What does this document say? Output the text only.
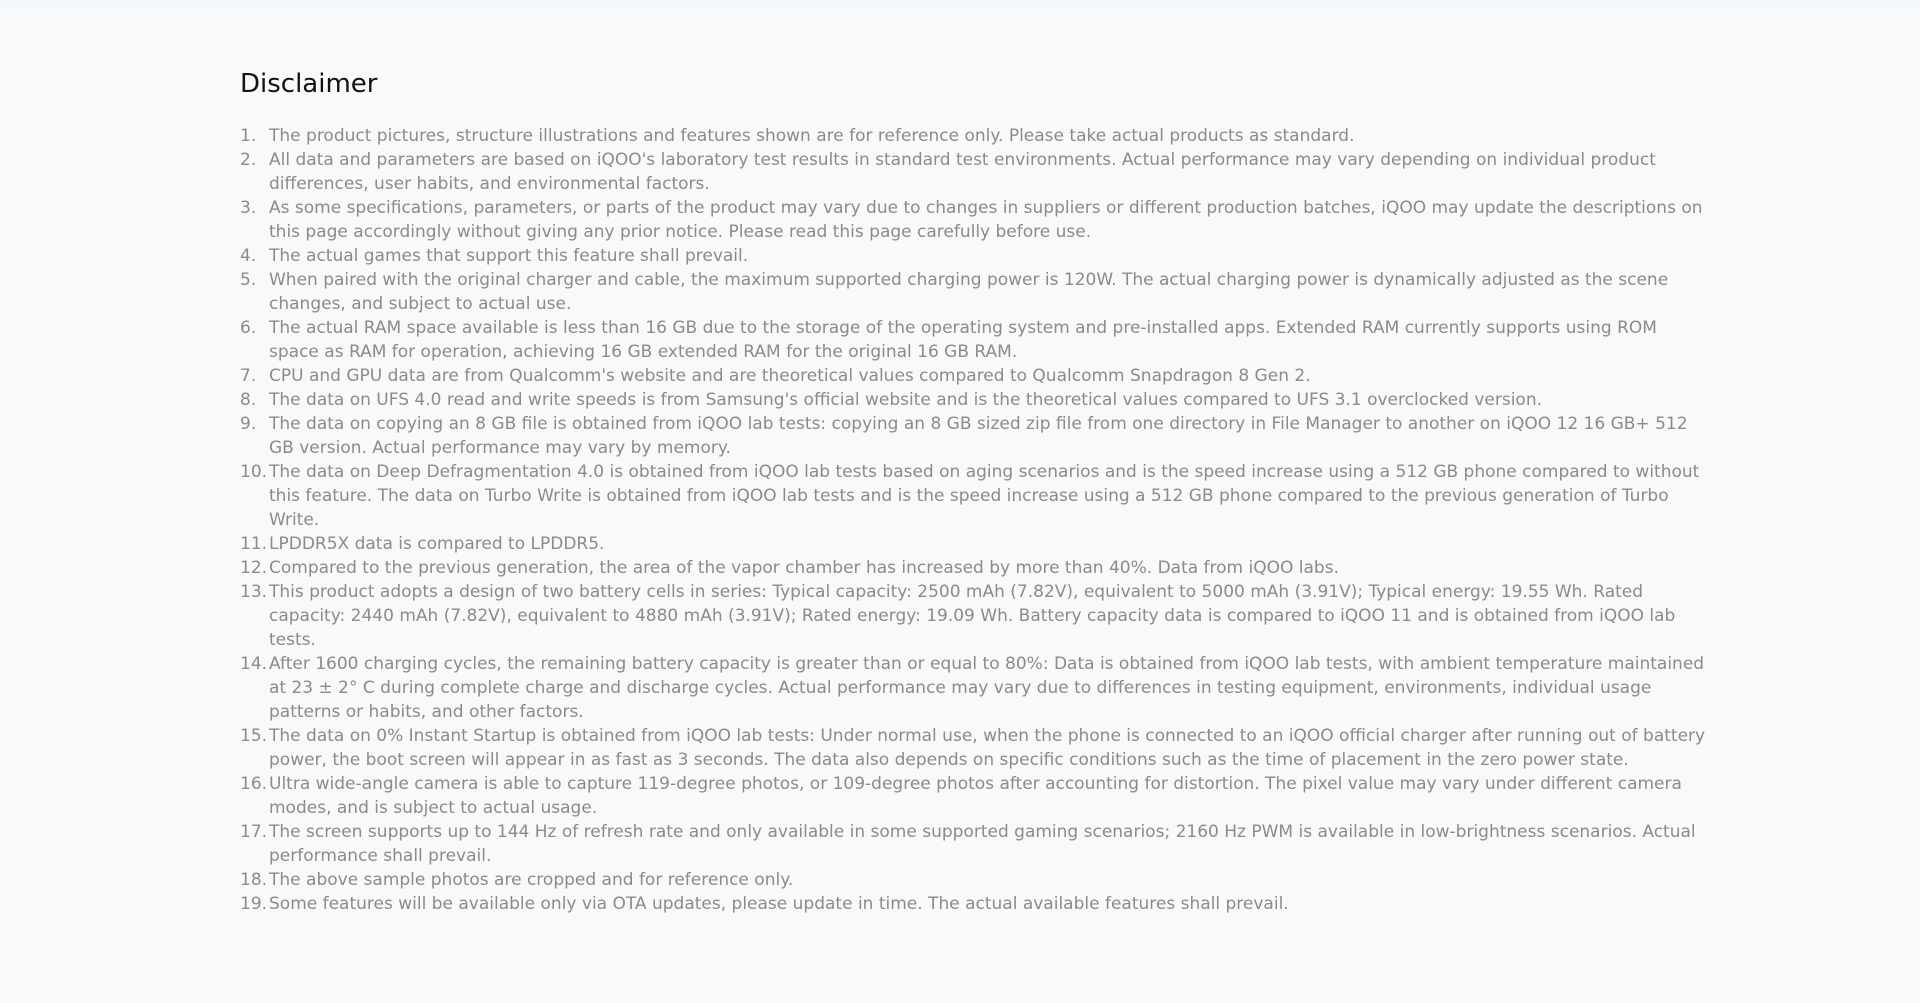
Disclaimer
1. The product pictures, structure illustrations and features shown are for reference only. Please take actual products as standard.
2. All data and parameters are based on iQOO's laboratory test results in standard test environments. Actual performance may vary depending on individual product differences, user habits, and environmental factors.
3. As some specifications, parameters, or parts of the product may vary due to changes in suppliers or different production batches, iQOO may update the descriptions on this page accordingly without giving any prior notice. Please read this page carefully before use.
4. The actual games that support this feature shall prevail.
5. When paired with the original charger and cable, the maximum supported charging power is 120W. The actual charging power is dynamically adjusted as the scene changes, and subject to actual use.
6. The actual RAM space available is less than 16 GB due to the storage of the operating system and pre-installed apps. Extended RAM currently supports using ROM space as RAM for operation, achieving 16 GB extended RAM for the original 16 GB RAM.
7. CPU and GPU data are from Qualcomm's website and are theoretical values compared to Qualcomm Snapdragon 8 Gen 2.
8. The data on UFS 4.0 read and write speeds is from Samsung's official website and is the theoretical values compared to UFS 3.1 overclocked version.
9. The data on copying an 8 GB file is obtained from iQOO lab tests: copying an 8 GB sized zip file from one directory in File Manager to another on iQOO 12 16 GB+ 512 GB version. Actual performance may vary by memory.
10. The data on Deep Defragmentation 4.0 is obtained from iQOO lab tests based on aging scenarios and is the speed increase using a 512 GB phone compared to without this feature. The data on Turbo Write is obtained from iQOO lab tests and is the speed increase using a 512 GB phone compared to the previous generation of Turbo Write.
11. LPDDR5X data is compared to LPDDR5.
12. Compared to the previous generation, the area of the vapor chamber has increased by more than 40%. Data from iQOO labs.
13. This product adopts a design of two battery cells in series: Typical capacity: 2500 mAh (7.82V), equivalent to 5000 mAh (3.91V); Typical energy: 19.55 Wh. Rated capacity: 2440 mAh (7.82V), equivalent to 4880 mAh (3.91V); Rated energy: 19.09 Wh. Battery capacity data is compared to iQOO 11 and is obtained from iQOO lab tests.
14. After 1600 charging cycles, the remaining battery capacity is greater than or equal to 80%: Data is obtained from iQOO lab tests, with ambient temperature maintained at 23 ± 2° C during complete charge and discharge cycles. Actual performance may vary due to differences in testing equipment, environments, individual usage patterns or habits, and other factors.
15. The data on 0% Instant Startup is obtained from iQOO lab tests: Under normal use, when the phone is connected to an iQOO official charger after running out of battery power, the boot screen will appear in as fast as 3 seconds. The data also depends on specific conditions such as the time of placement in the zero power state.
16. Ultra wide-angle camera is able to capture 119-degree photos, or 109-degree photos after accounting for distortion. The pixel value may vary under different camera modes, and is subject to actual usage.
17. The screen supports up to 144 Hz of refresh rate and only available in some supported gaming scenarios; 2160 Hz PWM is available in low-brightness scenarios. Actual performance shall prevail.
18. The above sample photos are cropped and for reference only.
19. Some features will be available only via OTA updates, please update in time. The actual available features shall prevail.
